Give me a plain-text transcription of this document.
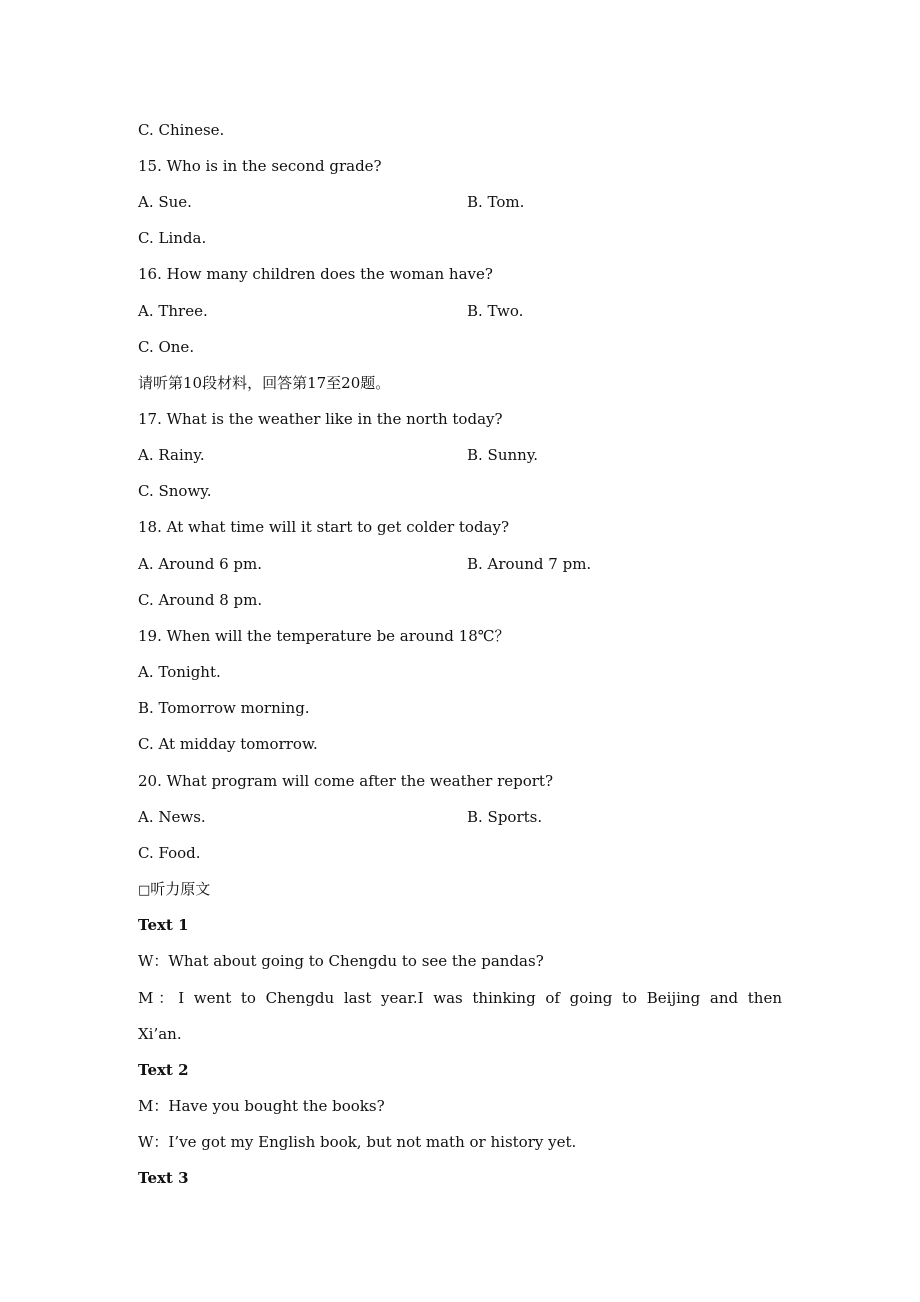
C. Chinese.
15. Who is in the second grade?
A. Sue.	B. Tom.
C. Linda.
16. How many children does the woman have?
A. Three.	B. Two.
C. One.
请听第10段材料，回答第17至20题。
17. What is the weather like in the north today?
A. Rainy.	B. Sunny.
C. Snowy.
18. At what time will it start to get colder today?
A. Around 6 pm.	B. Around 7 pm.
C. Around 8 pm.
19. When will the temperature be around 18℃？
A. Tonight.
B. Tomorrow morning.
C. At midday tomorrow.
20. What program will come after the weather report?
A. News.	B. Sports.
C. Food.
□听力原文
Text 1
W：What about going to Chengdu to see the pandas?
M：I went to Chengdu last year.I was thinking of going to Beijing and then
Xi’an.
Text 2
M：Have you bought the books?
W：I’ve got my English book, but not math or history yet.
Text 3
